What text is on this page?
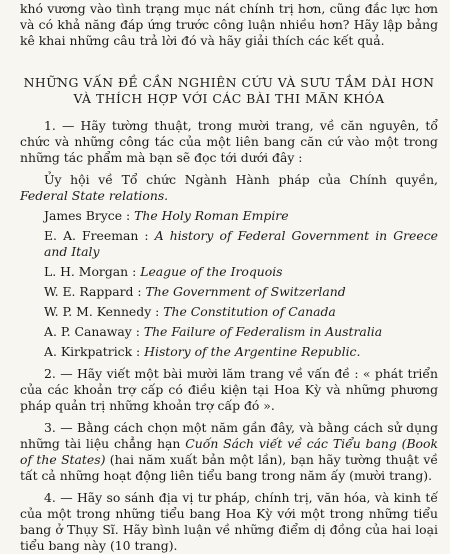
khó vương vào tình trạng mục nát chính trị hơn, cũng đắc lực hơn và có khả năng đáp ứng trước công luận nhiều hơn? Hãy lập bảng kê khai những câu trả lời đó và hãy giải thích các kết quả.

NHỮNG VẤN ĐỀ CẦN NGHIÊN CỨU VÀ SƯU TẦM DÀI HƠN
VÀ THÍCH HỢP VỚI CÁC BÀI THI MÃN KHÓA

1. — Hãy tường thuật, trong mười trang, về căn nguyên, tổ chức và những công tác của một liên bang căn cứ vào một trong những tác phẩm mà bạn sẽ đọc tới dưới đây :

Ủy hội về Tổ chức Ngành Hành pháp của Chính quyền, Federal State relations.

James Bryce : The Holy Roman Empire

E. A. Freeman : A history of Federal Government in Greece and Italy

L. H. Morgan : League of the Iroquois

W. E. Rappard : The Government of Switzerland

W. P. M. Kennedy : The Constitution of Canada

A. P. Canaway : The Failure of Federalism in Australia

A. Kirkpatrick : History of the Argentine Republic.

2. — Hãy viết một bài mười lăm trang về vấn đề : « phát triển của các khoản trợ cấp có điều kiện tại Hoa Kỳ và những phương pháp quản trị những khoản trợ cấp đó ».

3. — Bằng cách chọn một năm gần đây, và bằng cách sử dụng những tài liệu chẳng hạn Cuốn Sách viết về các Tiểu bang (Book of the States) (hai năm xuất bản một lần), bạn hãy tường thuật về tất cả những hoạt động liên tiểu bang trong năm ấy (mười trang).

4. — Hãy so sánh địa vị tư pháp, chính trị, văn hóa, và kinh tế của một trong những tiểu bang Hoa Kỳ với một trong những tiểu bang ở Thụy Sĩ. Hãy bình luận về những điểm dị đồng của hai loại tiểu bang này (10 trang).
